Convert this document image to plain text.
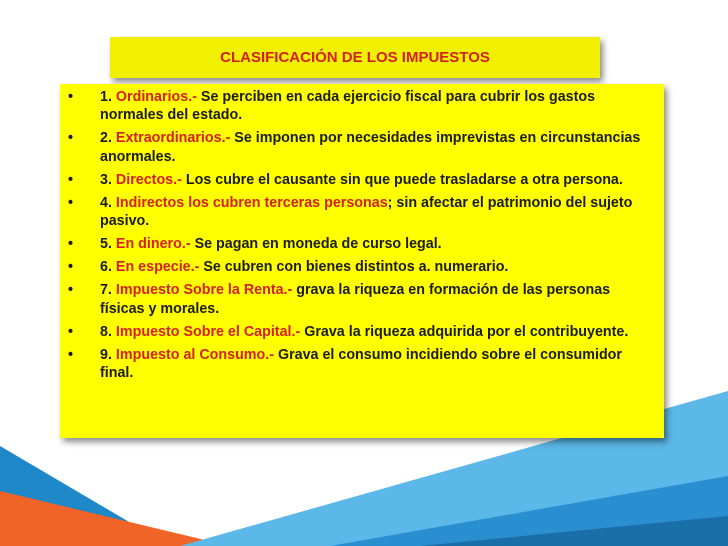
CLASIFICACIÓN DE LOS IMPUESTOS
• 1. Ordinarios.- Se perciben en cada ejercicio fiscal para cubrir los gastos normales del estado.
• 2. Extraordinarios.- Se imponen por necesidades imprevistas en circunstancias anormales.
• 3. Directos.- Los cubre el causante sin que puede trasladarse a otra persona.
• 4. Indirectos los cubren terceras personas; sin afectar el patrimonio del sujeto pasivo.
• 5. En dinero.- Se pagan en moneda de curso legal.
• 6. En especie.- Se cubren con bienes distintos a. numerario.
• 7. Impuesto Sobre la Renta.- grava la riqueza en formación de las personas físicas y morales.
• 8. Impuesto Sobre el Capital.- Grava la riqueza adquirida por el contribuyente.
• 9. Impuesto al Consumo.- Grava el consumo incidiendo sobre el consumidor final.
